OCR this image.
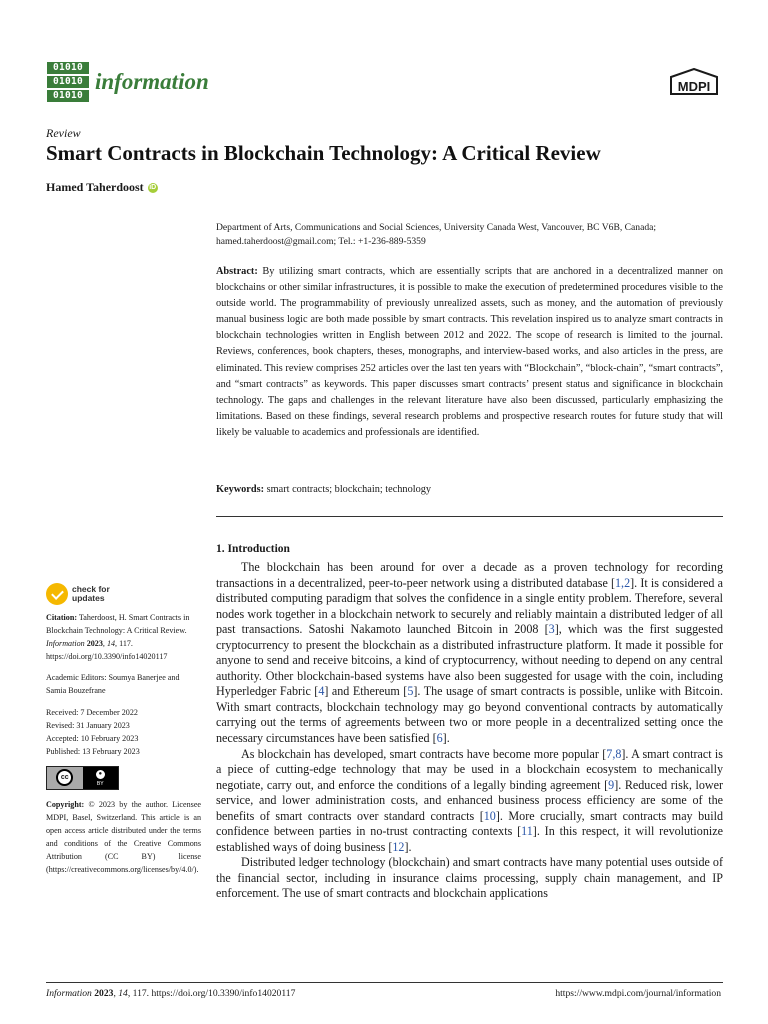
01010
01010
01010
information	MDPI
Review
Smart Contracts in Blockchain Technology: A Critical Review
Hamed Taherdoost iD
Department of Arts, Communications and Social Sciences, University Canada West, Vancouver, BC V6B, Canada;
hamed.taherdoost@gmail.com; Tel.: +1-236-889-5359
Abstract: By utilizing smart contracts, which are essentially scripts that are anchored in a decentralized manner on blockchains or other similar infrastructures, it is possible to make the execution of predetermined procedures visible to the outside world. The programmability of previously unrealized assets, such as money, and the automation of previously manual business logic are both made possible by smart contracts. This revelation inspired us to analyze smart contracts in blockchain technologies written in English between 2012 and 2022. The scope of research is limited to the journal. Reviews, conferences, book chapters, theses, monographs, and interview-based works, and also articles in the press, are eliminated. This review comprises 252 articles over the last ten years with “Blockchain”, “block-chain”, “smart contracts”, and “smart contracts” as keywords. This paper discusses smart contracts’ present status and significance in blockchain technology. The gaps and challenges in the relevant literature have also been discussed, particularly emphasizing the limitations. Based on these findings, several research problems and prospective research routes for future study that will likely be valuable to academics and professionals are identified.
Keywords: smart contracts; blockchain; technology
1. Introduction

The blockchain has been around for over a decade as a proven technology for recording transactions in a decentralized, peer-to-peer network using a distributed database [1,2]. It is considered a distributed computing paradigm that solves the confidence in a single entity problem. Therefore, several nodes work together in a blockchain network to securely and reliably maintain a distributed ledger of all past transactions. Satoshi Nakamoto launched Bitcoin in 2008 [3], which was the first suggested cryptocurrency to present the blockchain as a distributed infrastructure platform. It made it possible for anyone to send and receive bitcoins, a kind of cryptocurrency, without needing to depend on any central authority. Other blockchain-based systems have also been suggested for usage with the coin, including Hyperledger Fabric [4] and Ethereum [5]. The usage of smart contracts is possible, unlike with Bitcoin. With smart contracts, blockchain technology may go beyond conventional contracts by automatically carrying out the terms of agreements between two or more people in a decentralized setting once the necessary circumstances have been satisfied [6].

As blockchain has developed, smart contracts have become more popular [7,8]. A smart contract is a piece of cutting-edge technology that may be used in a blockchain ecosystem to mechanically negotiate, carry out, and enforce the conditions of a legally binding agreement [9]. Reduced risk, lower service, and lower administration costs, and enhanced business process efficiency are some of the benefits of smart contracts over standard contracts [10]. More crucially, smart contracts may build confidence between parties in no-trust contracting contexts [11]. In this respect, it will revolutionize established ways of doing business [12].

Distributed ledger technology (blockchain) and smart contracts have many potential uses outside of the financial sector, including in insurance claims processing, supply chain management, and IP enforcement. The use of smart contracts and blockchain applications

check for
updates
Citation: Taherdoost, H. Smart Contracts in Blockchain Technology: A Critical Review. Information 2023, 14, 117. https://doi.org/10.3390/info14020117
Academic Editors: Soumya Banerjee and Samia Bouzefrane
Received: 7 December 2022
Revised: 31 January 2023
Accepted: 10 February 2023
Published: 13 February 2023
cc	●
BY
Copyright: © 2023 by the author. Licensee MDPI, Basel, Switzerland. This article is an open access article distributed under the terms and conditions of the Creative Commons Attribution (CC BY) license (https://creativecommons.org/licenses/by/4.0/).
Information 2023, 14, 117. https://doi.org/10.3390/info14020117	https://www.mdpi.com/journal/information
